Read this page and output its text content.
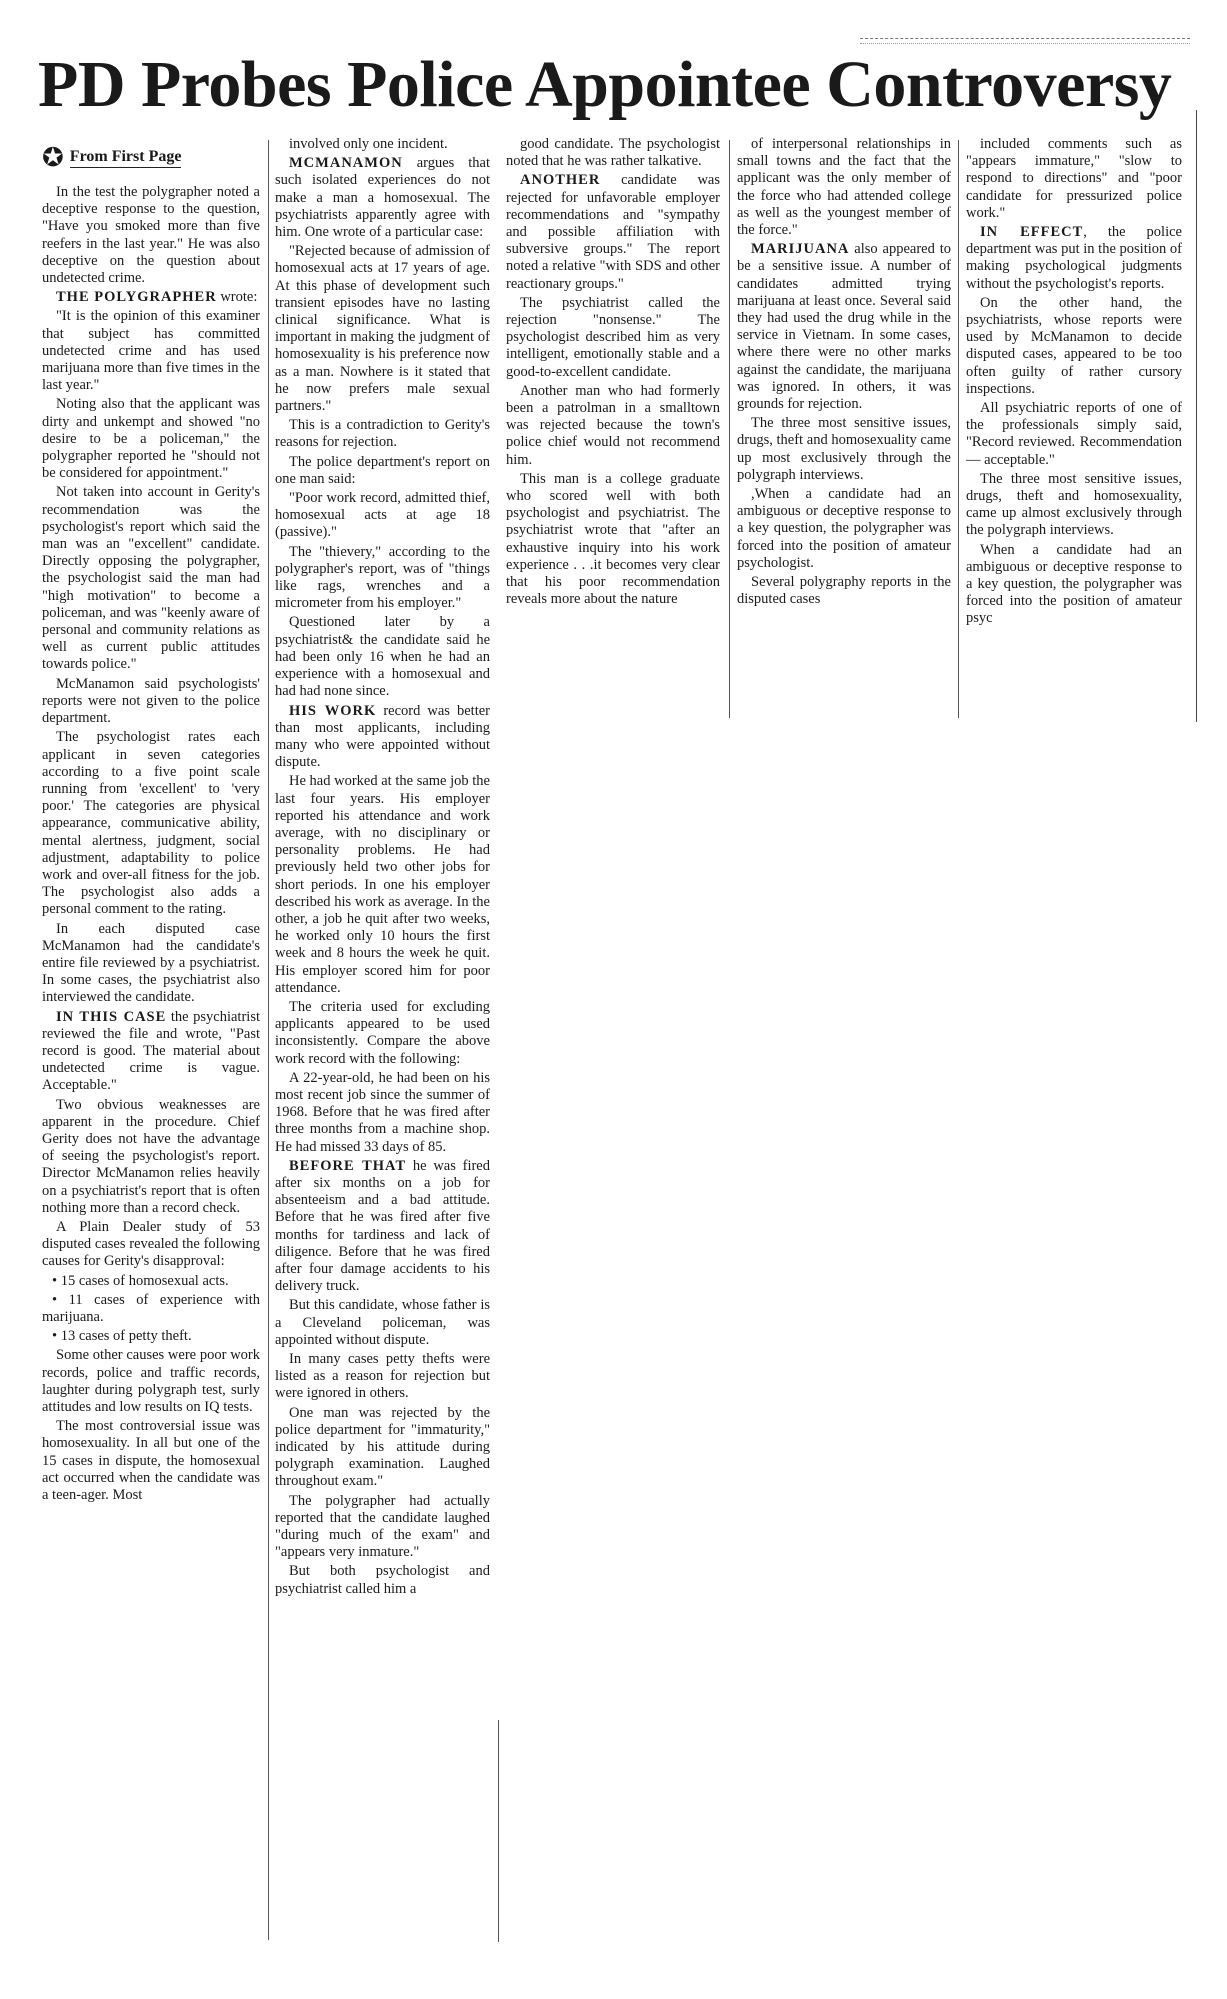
PD Probes Police Appointee Controversy
✪ From First Page

In the test the polygrapher noted a deceptive response to the question, "Have you smoked more than five reefers in the last year." He was also deceptive on the question about undetected crime.

THE POLYGRAPHER wrote:

"It is the opinion of this examiner that subject has committed undetected crime and has used marijuana more than five times in the last year."

Noting also that the applicant was dirty and unkempt and showed "no desire to be a policeman," the polygrapher reported he "should not be considered for appointment."

Not taken into account in Gerity's recommendation was the psychologist's report which said the man was an "excellent" candidate. Directly opposing the polygrapher, the psychologist said the man had "high motivation" to become a policeman, and was "keenly aware of personal and community relations as well as current public attitudes towards police."

McManamon said psychologists' reports were not given to the police department.

The psychologist rates each applicant in seven categories according to a five point scale running from 'excellent' to 'very poor.' The categories are physical appearance, communicative ability, mental alertness, judgment, social adjustment, adaptability to police work and over-all fitness for the job. The psychologist also adds a personal comment to the rating.

In each disputed case McManamon had the candidate's entire file reviewed by a psychiatrist. In some cases, the psychiatrist also interviewed the candidate.

IN THIS CASE the psychiatrist reviewed the file and wrote, "Past record is good. The material about undetected crime is vague. Acceptable."

Two obvious weaknesses are apparent in the procedure. Chief Gerity does not have the advantage of seeing the psychologist's report. Director McManamon relies heavily on a psychiatrist's report that is often nothing more than a record check.

A Plain Dealer study of 53 disputed cases revealed the following causes for Gerity's disapproval:

• 15 cases of homosexual acts.

• 11 cases of experience with marijuana.

• 13 cases of petty theft.

Some other causes were poor work records, police and traffic records, laughter during polygraph test, surly attitudes and low results on IQ tests.

The most controversial issue was homosexuality. In all but one of the 15 cases in dispute, the homosexual act occurred when the candidate was a teen-ager. Most

involved only one incident.

MCMANAMON argues that such isolated experiences do not make a man a homosexual. The psychiatrists apparently agree with him. One wrote of a particular case:

"Rejected because of admission of homosexual acts at 17 years of age. At this phase of development such transient episodes have no lasting clinical significance. What is important in making the judgment of homosexuality is his preference now as a man. Nowhere is it stated that he now prefers male sexual partners."

This is a contradiction to Gerity's reasons for rejection.

The police department's report on one man said:

"Poor work record, admitted thief, homosexual acts at age 18 (passive)."

The "thievery," according to the polygrapher's report, was of "things like rags, wrenches and a micrometer from his employer."

Questioned later by a psychiatrist& the candidate said he had been only 16 when he had an experience with a homosexual and had had none since.

HIS WORK record was better than most applicants, including many who were appointed without dispute.

He had worked at the same job the last four years. His employer reported his attendance and work average, with no disciplinary or personality problems. He had previously held two other jobs for short periods. In one his employer described his work as average. In the other, a job he quit after two weeks, he worked only 10 hours the first week and 8 hours the week he quit. His employer scored him for poor attendance.

The criteria used for excluding applicants appeared to be used inconsistently. Compare the above work record with the following:

A 22-year-old, he had been on his most recent job since the summer of 1968. Before that he was fired after three months from a machine shop. He had missed 33 days of 85.

BEFORE THAT he was fired after six months on a job for absenteeism and a bad attitude. Before that he was fired after five months for tardiness and lack of diligence. Before that he was fired after four damage accidents to his delivery truck.

But this candidate, whose father is a Cleveland policeman, was appointed without dispute.

In many cases petty thefts were listed as a reason for rejection but were ignored in others.

One man was rejected by the police department for "immaturity," indicated by his attitude during polygraph examination. Laughed throughout exam."

The polygrapher had actually reported that the candidate laughed "during much of the exam" and "appears very inmature."

But both psychologist and psychiatrist called him a

good candidate. The psychologist noted that he was rather talkative.

ANOTHER candidate was rejected for unfavorable employer recommendations and "sympathy and possible affiliation with subversive groups." The report noted a relative "with SDS and other reactionary groups."

The psychiatrist called the rejection "nonsense." The psychologist described him as very intelligent, emotionally stable and a good-to-excellent candidate.

Another man who had formerly been a patrolman in a smalltown was rejected because the town's police chief would not recommend him.

This man is a college graduate who scored well with both psychologist and psychiatrist. The psychiatrist wrote that "after an exhaustive inquiry into his work experience . . .it becomes very clear that his poor recommendation reveals more about the nature

of interpersonal relationships in small towns and the fact that the applicant was the only member of the force who had attended college as well as the youngest member of the force."

MARIJUANA also appeared to be a sensitive issue. A number of candidates admitted trying marijuana at least once. Several said they had used the drug while in the service in Vietnam. In some cases, where there were no other marks against the candidate, the marijuana was ignored. In others, it was grounds for rejection.

The three most sensitive issues, drugs, theft and homosexuality came up most exclusively through the polygraph interviews.

,When a candidate had an ambiguous or deceptive response to a key question, the polygrapher was forced into the position of amateur psychologist.

Several polygraphy reports in the disputed cases

included comments such as "appears immature," "slow to respond to directions" and "poor candidate for pressurized police work."

IN EFFECT, the police department was put in the position of making psychological judgments without the psychologist's reports.

On the other hand, the psychiatrists, whose reports were used by McManamon to decide disputed cases, appeared to be too often guilty of rather cursory inspections.

All psychiatric reports of one of the professionals simply said, "Record reviewed. Recommendation — acceptable."

The three most sensitive issues, drugs, theft and homosexuality, came up almost exclusively through the polygraph interviews.

When a candidate had an ambiguous or deceptive response to a key question, the polygrapher was forced into the position of amateur psyc
